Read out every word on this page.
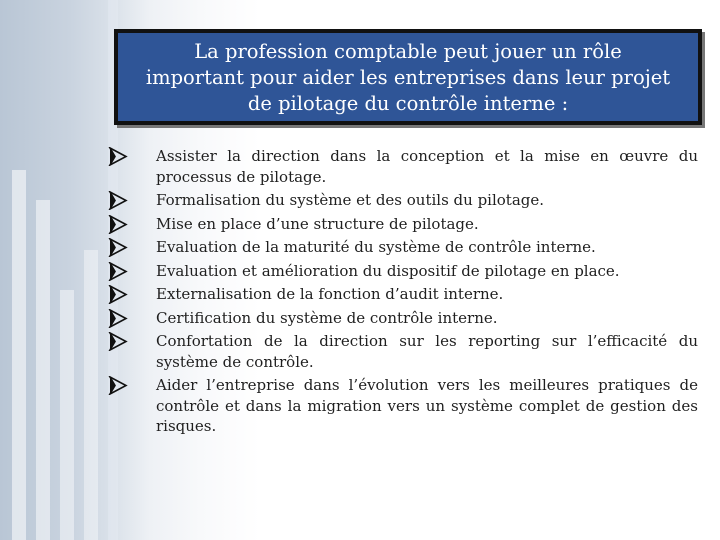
La profession comptable peut jouer un rôle
important pour aider les entreprises dans leur projet
de pilotage du contrôle interne :
Assister la direction dans la conception et la mise en œuvre du processus de pilotage.
Formalisation du système et des outils du pilotage.
Mise en place d’une structure de pilotage.
Evaluation de la maturité du système de contrôle interne.
Evaluation et amélioration du dispositif de pilotage en place.
Externalisation de la fonction d’audit interne.
Certification du système de contrôle interne.
Confortation de la direction sur les reporting sur l’efficacité du système de contrôle.
Aider l’entreprise dans l’évolution vers les meilleures pratiques de contrôle et dans la migration vers un système complet de gestion des risques.
